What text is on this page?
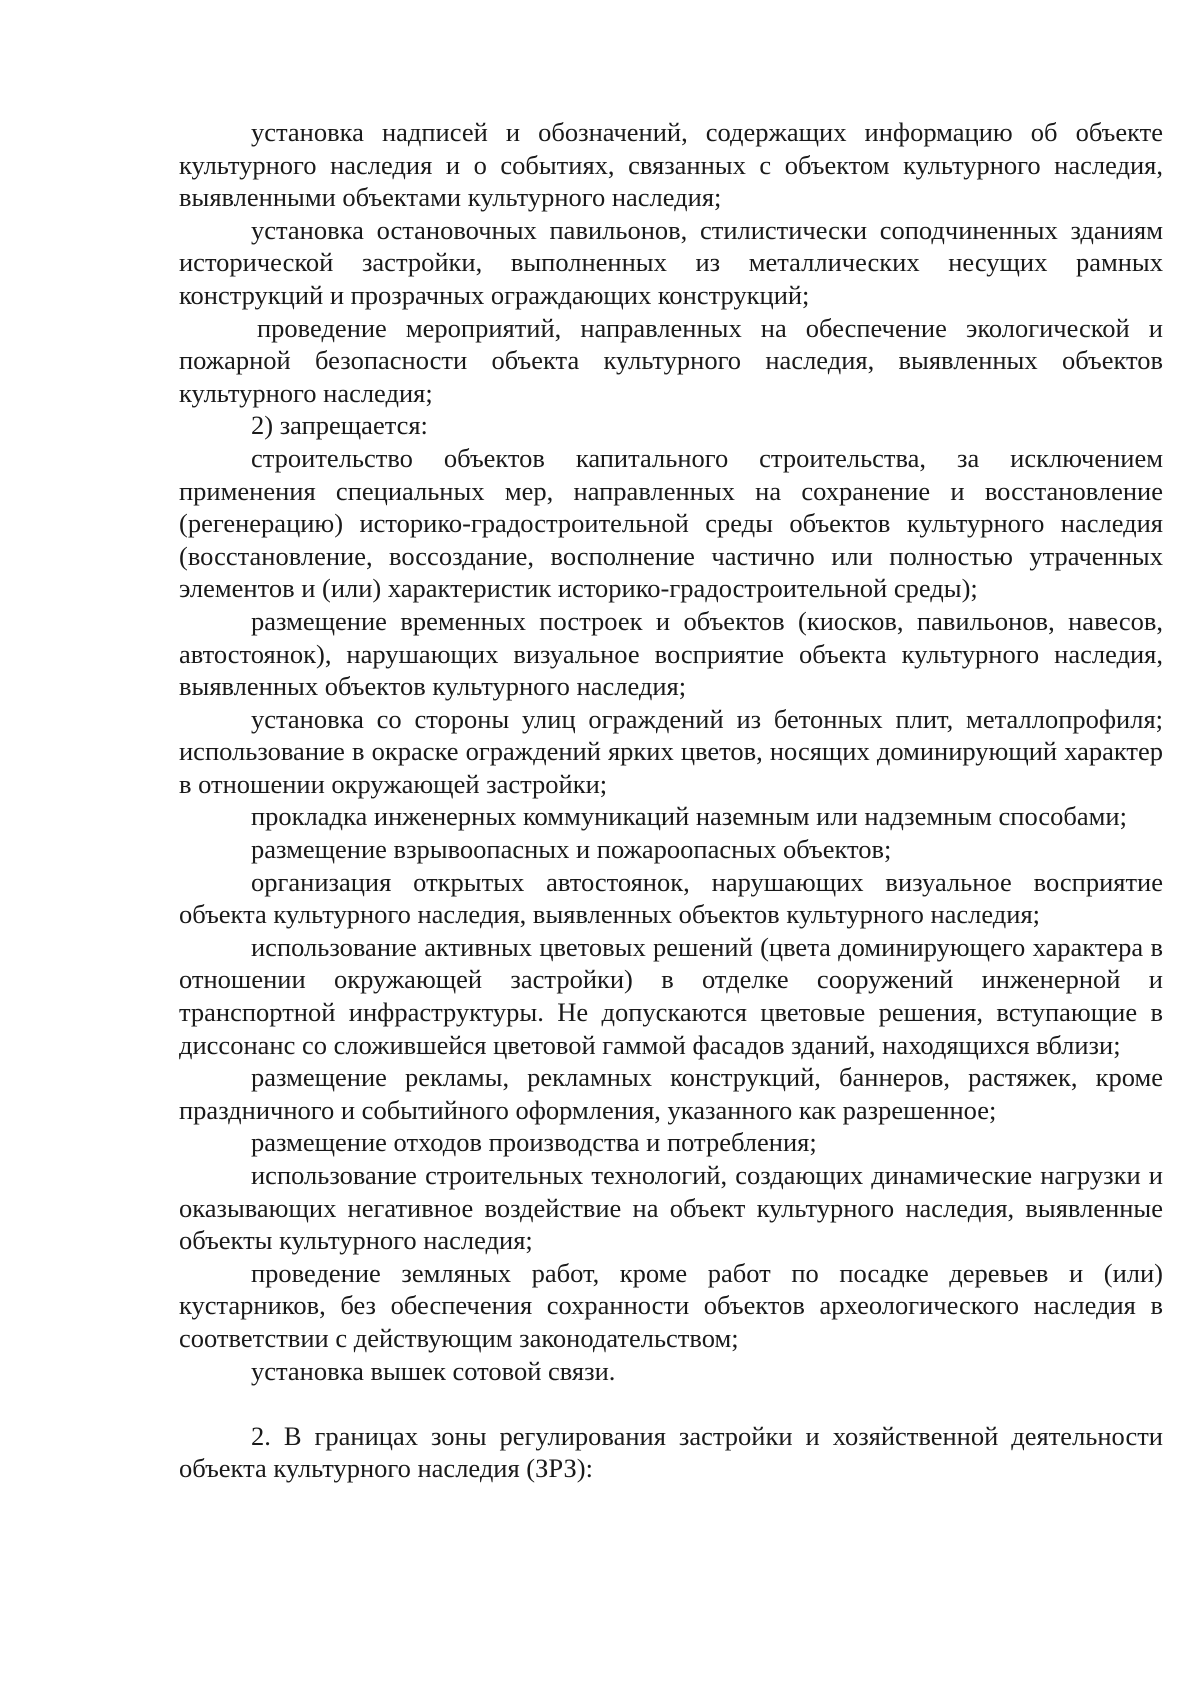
установка надписей и обозначений, содержащих информацию об объекте культурного наследия и о событиях, связанных с объектом культурного наследия, выявленными объектами культурного наследия;

установка остановочных павильонов, стилистически соподчиненных зданиям исторической застройки, выполненных из металлических несущих рамных конструкций и прозрачных ограждающих конструкций;

проведение мероприятий, направленных на обеспечение экологической и пожарной безопасности объекта культурного наследия, выявленных объектов культурного наследия;

2) запрещается:

строительство объектов капитального строительства, за исключением применения специальных мер, направленных на сохранение и восстановление (регенерацию) историко-градостроительной среды объектов культурного наследия (восстановление, воссоздание, восполнение частично или полностью утраченных элементов и (или) характеристик историко-градостроительной среды);

размещение временных построек и объектов (киосков, павильонов, навесов, автостоянок), нарушающих визуальное восприятие объекта культурного наследия, выявленных объектов культурного наследия;

установка со стороны улиц ограждений из бетонных плит, металлопрофиля; использование в окраске ограждений ярких цветов, носящих доминирующий характер в отношении окружающей застройки;

прокладка инженерных коммуникаций наземным или надземным способами;

размещение взрывоопасных и пожароопасных объектов;

организация открытых автостоянок, нарушающих визуальное восприятие объекта культурного наследия, выявленных объектов культурного наследия;

использование активных цветовых решений (цвета доминирующего характера в отношении окружающей застройки) в отделке сооружений инженерной и транспортной инфраструктуры. Не допускаются цветовые решения, вступающие в диссонанс со сложившейся цветовой гаммой фасадов зданий, находящихся вблизи;

размещение рекламы, рекламных конструкций, баннеров, растяжек, кроме праздничного и событийного оформления, указанного как разрешенное;

размещение отходов производства и потребления;

использование строительных технологий, создающих динамические нагрузки и оказывающих негативное воздействие на объект культурного наследия, выявленные объекты культурного наследия;

проведение земляных работ, кроме работ по посадке деревьев и (или) кустарников, без обеспечения сохранности объектов археологического наследия в соответствии с действующим законодательством;

установка вышек сотовой связи.

2. В границах зоны регулирования застройки и хозяйственной деятельности объекта культурного наследия (ЗРЗ):
